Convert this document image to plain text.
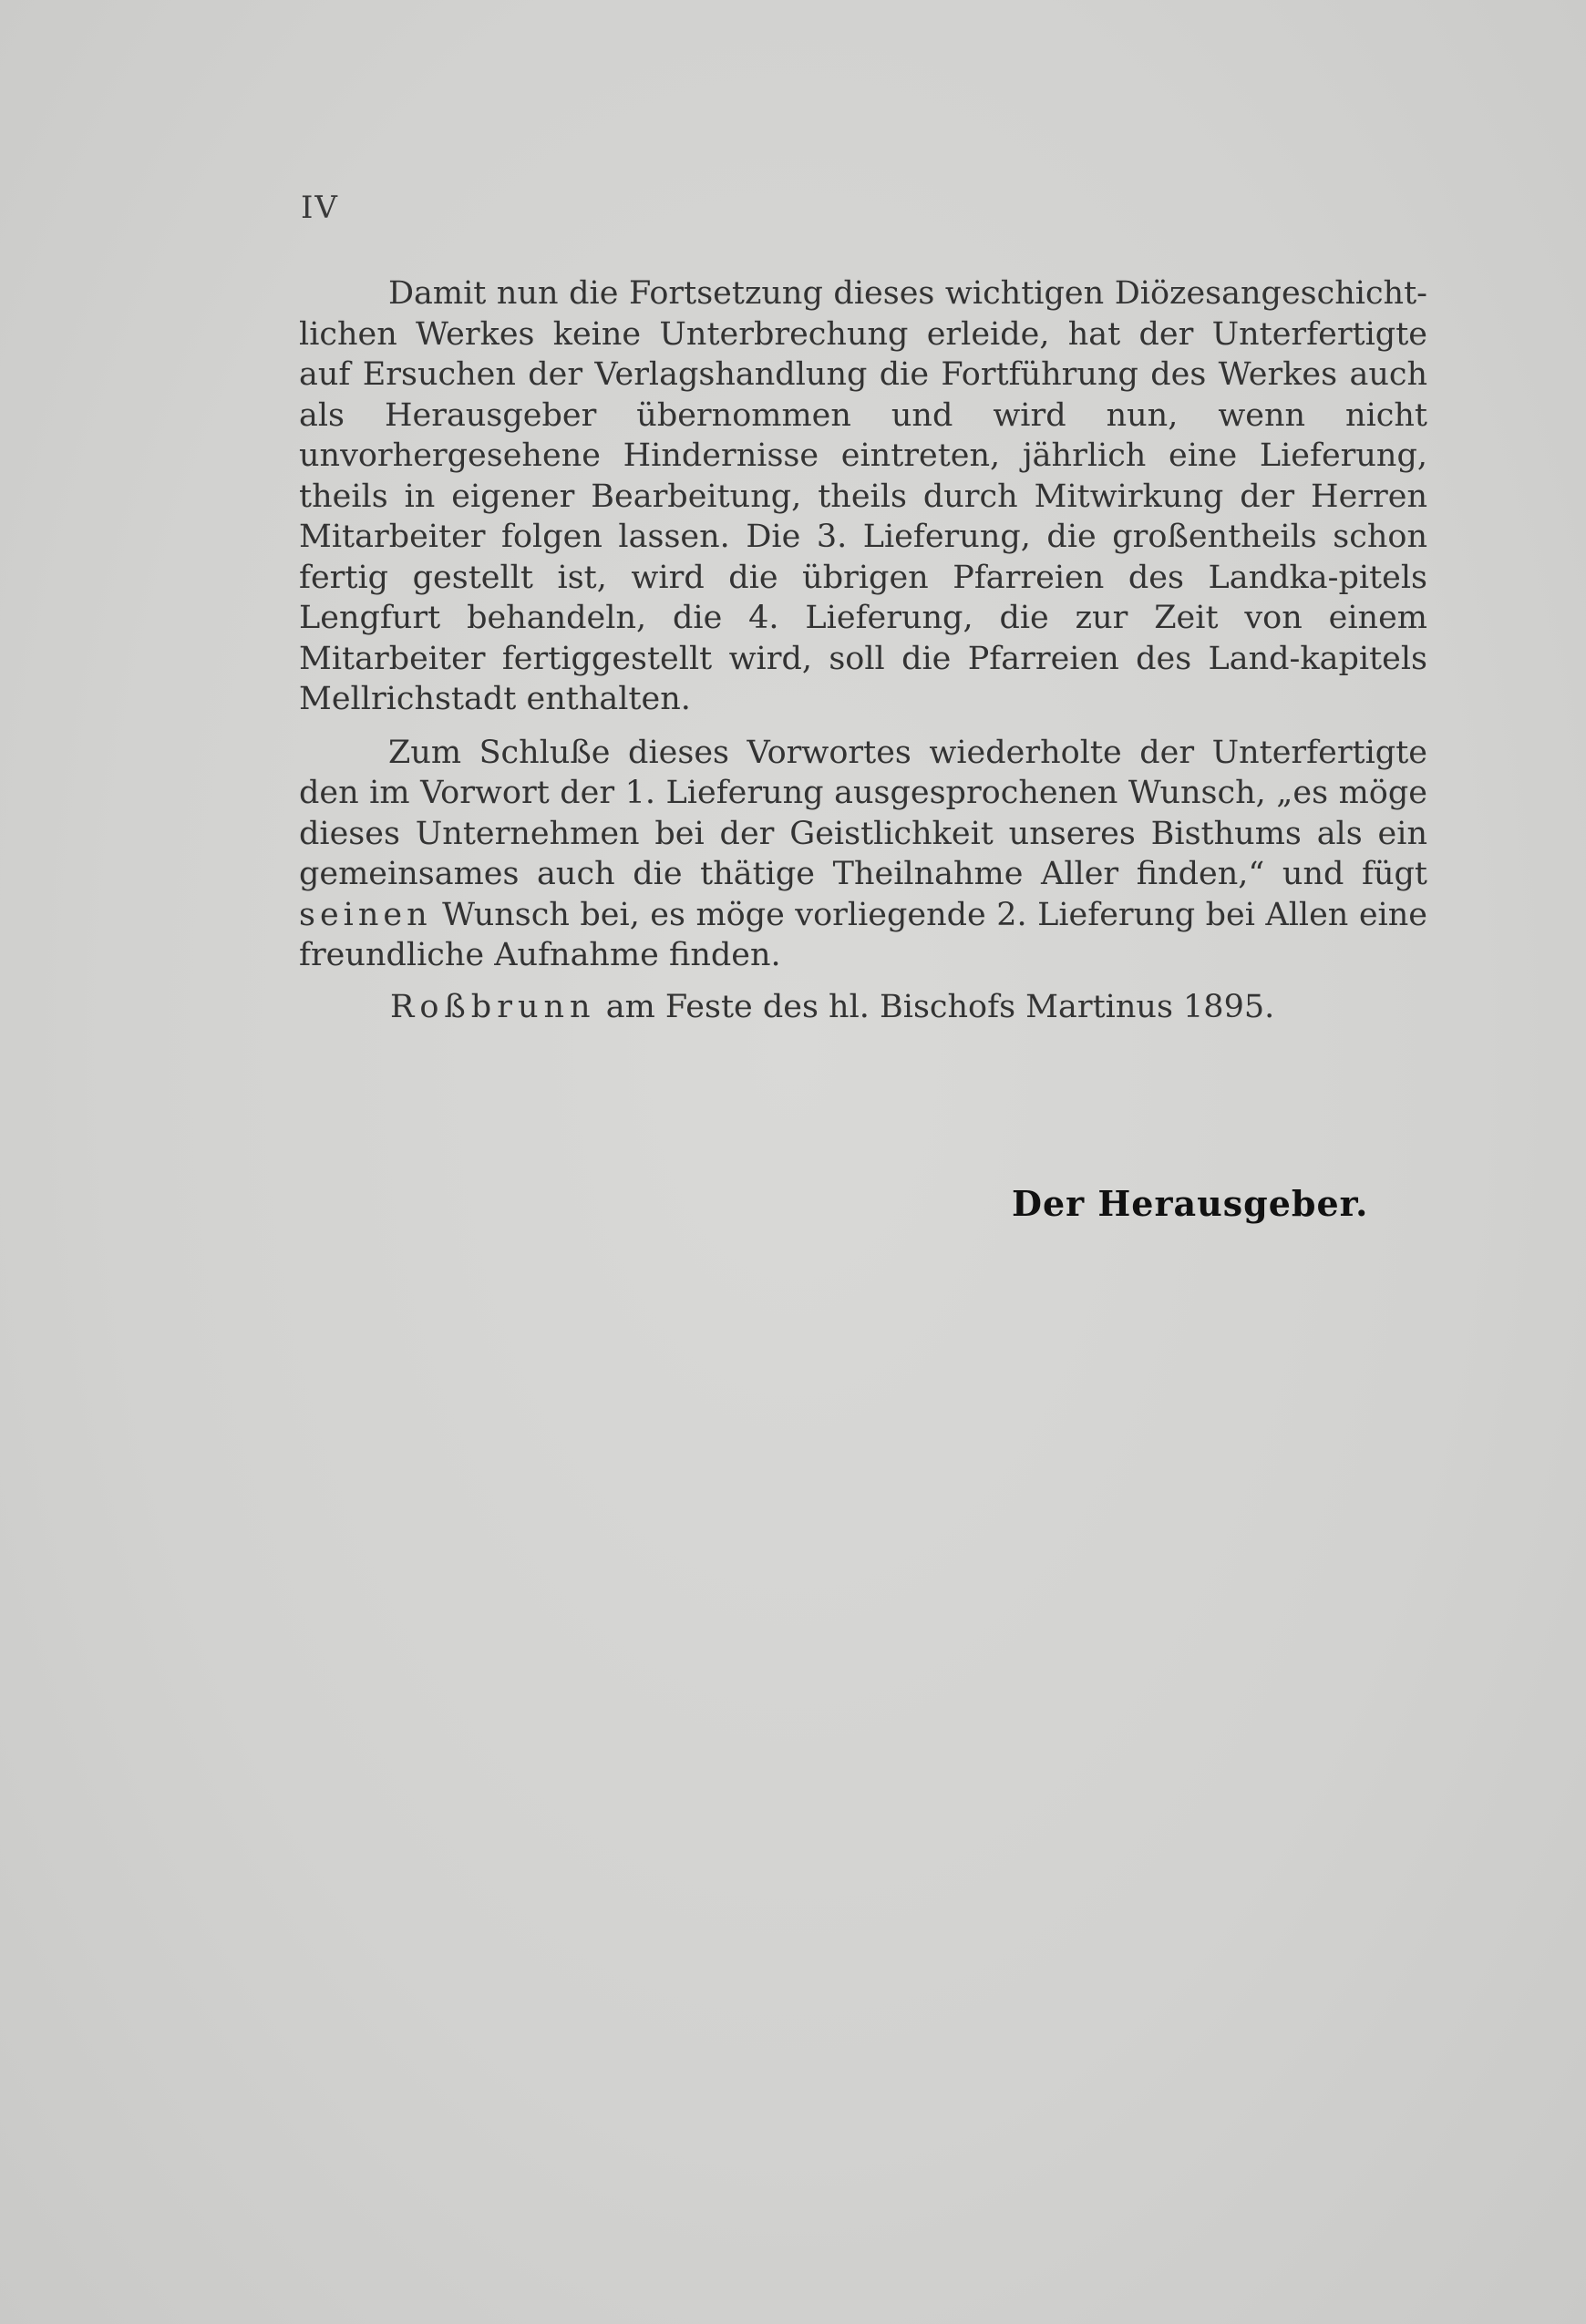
IV

Damit nun die Fortsetzung dieses wichtigen Diözesangeschicht-lichen Werkes keine Unterbrechung erleide, hat der Unterfertigte auf Ersuchen der Verlagshandlung die Fortführung des Werkes auch als Herausgeber übernommen und wird nun, wenn nicht unvorhergesehene Hindernisse eintreten, jährlich eine Lieferung, theils in eigener Bearbeitung, theils durch Mitwirkung der Herren Mitarbeiter folgen lassen. Die 3. Lieferung, die großentheils schon fertig gestellt ist, wird die übrigen Pfarreien des Landka-pitels Lengfurt behandeln, die 4. Lieferung, die zur Zeit von einem Mitarbeiter fertiggestellt wird, soll die Pfarreien des Land-kapitels Mellrichstadt enthalten.

Zum Schluße dieses Vorwortes wiederholte der Unterfertigte den im Vorwort der 1. Lieferung ausgesprochenen Wunsch, „es möge dieses Unternehmen bei der Geistlichkeit unseres Bisthums als ein gemeinsames auch die thätige Theilnahme Aller finden,“ und fügt seinen Wunsch bei, es möge vorliegende 2. Lieferung bei Allen eine freundliche Aufnahme finden.

Roßbrunn am Feste des hl. Bischofs Martinus 1895.
Der Herausgeber.
